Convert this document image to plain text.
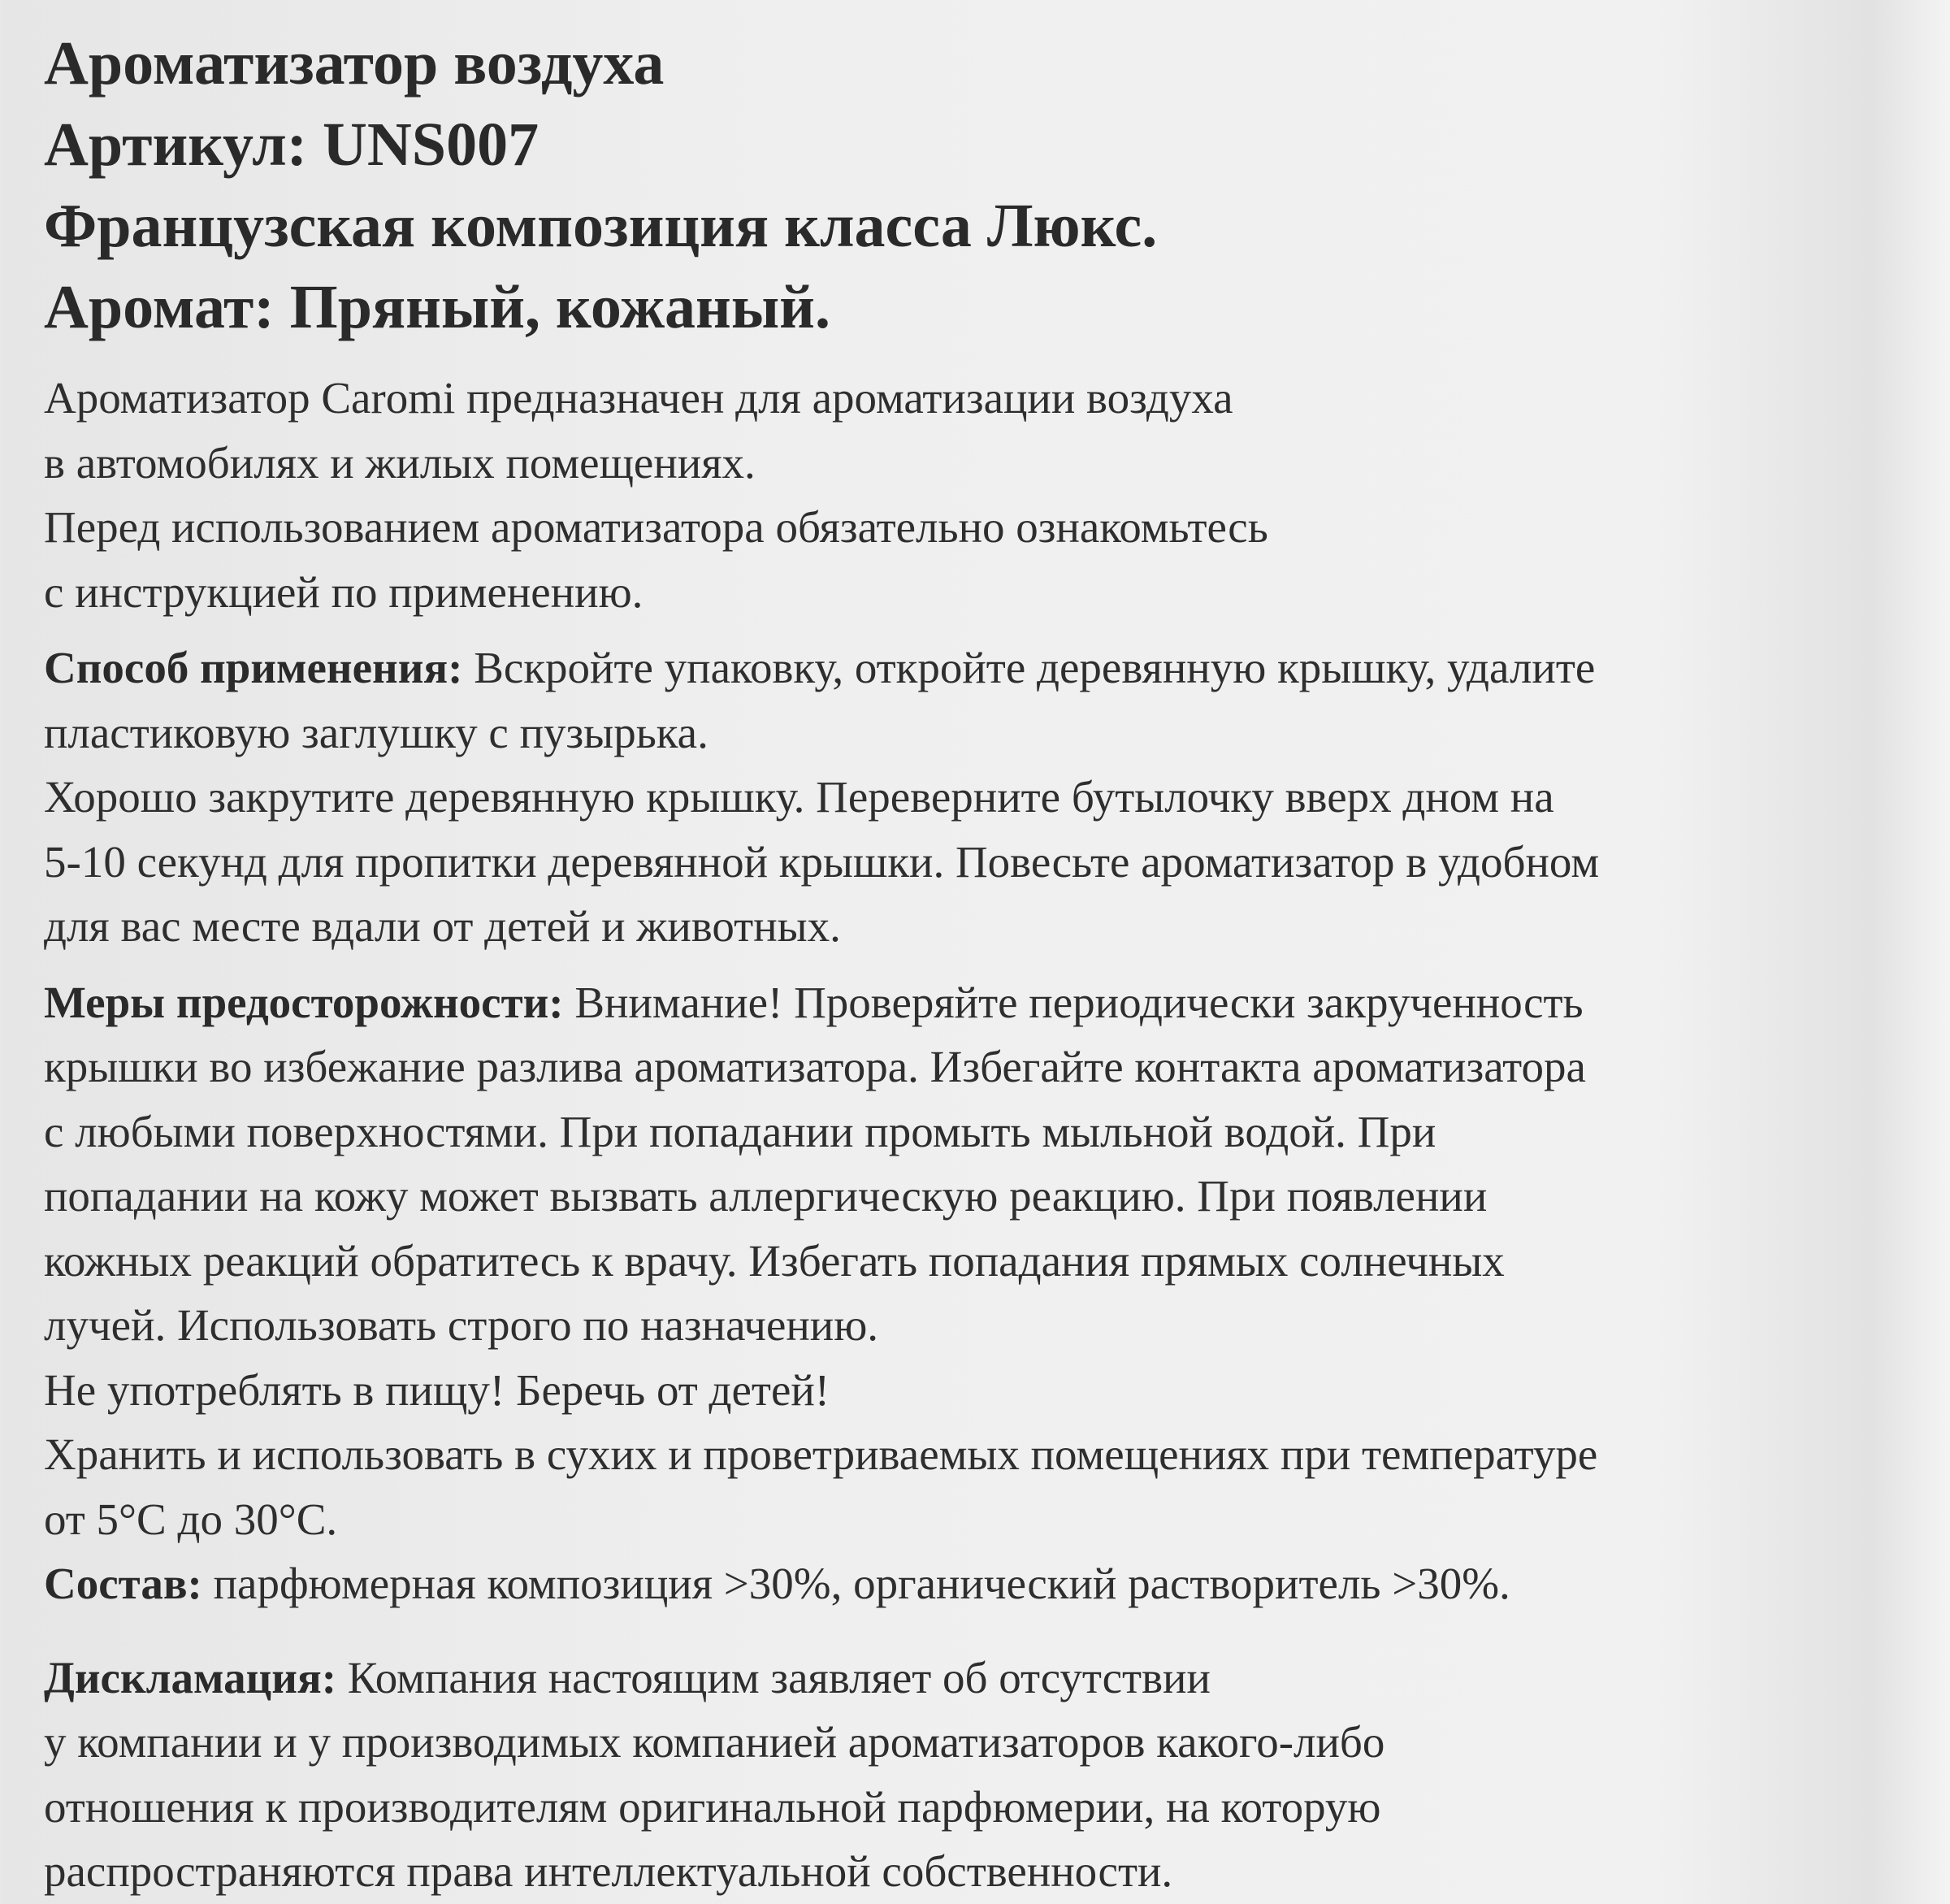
Ароматизатор воздуха
Артикул: UNS007
Французская композиция класса Люкс.
Аромат: Пряный, кожаный.
Ароматизатор Caromi предназначен для ароматизации воздуха
в автомобилях и жилых помещениях.
Перед использованием ароматизатора обязательно ознакомьтесь
с инструкцией по применению.
Способ применения: Вскройте упаковку, откройте деревянную крышку, удалите
пластиковую заглушку с пузырька.
Хорошо закрутите деревянную крышку. Переверните бутылочку вверх дном на
5-10 секунд для пропитки деревянной крышки. Повесьте ароматизатор в удобном
для вас месте вдали от детей и животных.
Меры предосторожности: Внимание! Проверяйте периодически закрученность
крышки во избежание разлива ароматизатора. Избегайте контакта ароматизатора
с любыми поверхностями. При попадании промыть мыльной водой. При
попадании на кожу может вызвать аллергическую реакцию. При появлении
кожных реакций обратитесь к врачу. Избегать попадания прямых солнечных
лучей. Использовать строго по назначению.
Не употреблять в пищу! Беречь от детей!
Хранить и использовать в сухих и проветриваемых помещениях при температуре
от 5°С до 30°С.
Состав: парфюмерная композиция >30%, органический растворитель >30%.
Дисклaмация: Компания настоящим заявляет об отсутствии
у компании и у производимых компанией ароматизаторов какого-либо
отношения к производителям оригинальной парфюмерии, на которую
распространяются права интеллектуальной собственности.
